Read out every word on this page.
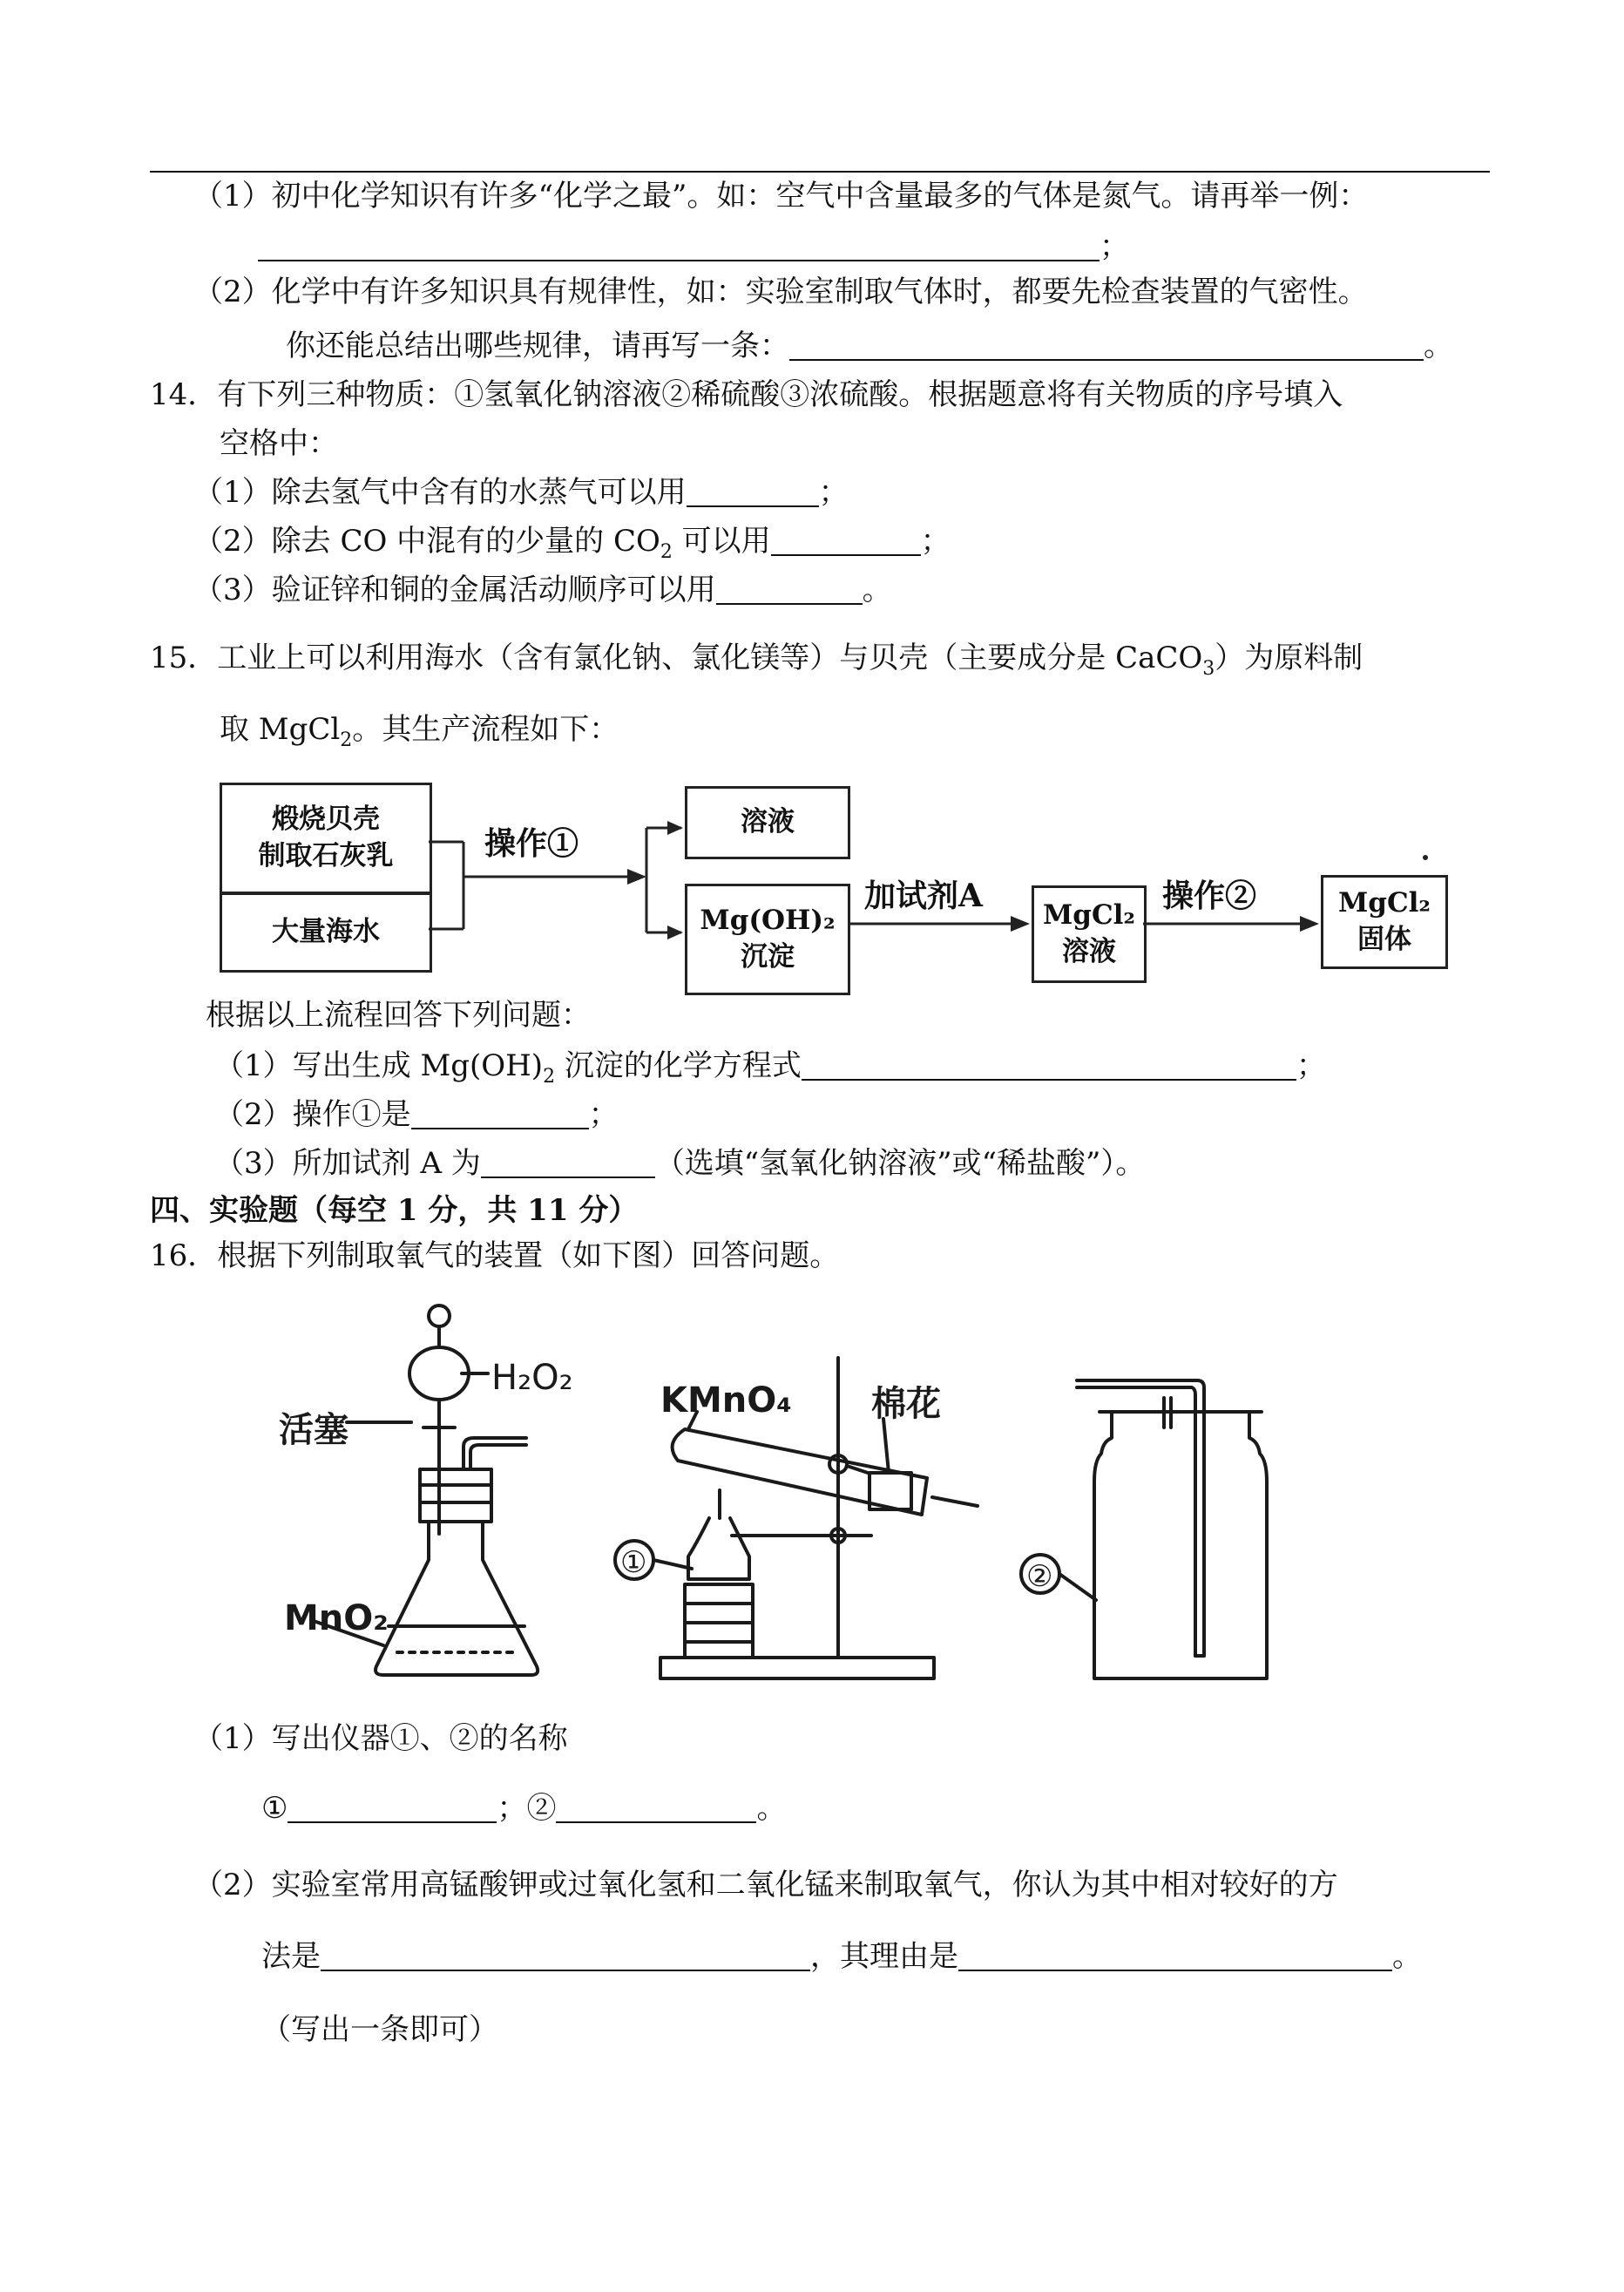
（1）初中化学知识有许多“化学之最”。如：空气中含量最多的气体是氮气。请再举一例：
；
（2）化学中有许多知识具有规律性，如：实验室制取气体时，都要先检查装置的气密性。
你还能总结出哪些规律，请再写一条：	。
14．有下列三种物质：①氢氧化钠溶液②稀硫酸③浓硫酸。根据题意将有关物质的序号填入
空格中：
（1）除去氢气中含有的水蒸气可以用	；
（2）除去 CO 中混有的少量的 $CO_2$ 可以用	；
（3）验证锌和铜的金属活动顺序可以用	。
15．工业上可以利用海水（含有氯化钠、氯化镁等）与贝壳（主要成分是 CaCO$_3$）为原料制
取 MgCl$_2$。其生产流程如下：
煅烧贝壳
制取石灰乳
大量海水
操作①
溶液
Mg(OH)₂
沉淀
加试剂A
MgCl₂
溶液
操作②	MgCl₂
固体
根据以上流程回答下列问题：
（1）写出生成 $Mg(OH)_2$ 沉淀的化学方程式	；
（2）操作①是	；
（3）所加试剂 A 为	（选填“氢氧化钠溶液”或“稀盐酸”）。
四、实验题（每空 1 分，共 11 分）
16．根据下列制取氧气的装置（如下图）回答问题。
活塞
H₂O₂
MnO₂
KMnO₄ 棉花
①	②
（1）写出仪器①、②的名称
①	；②	。
（2）实验室常用高锰酸钾或过氧化氢和二氧化锰来制取氧气，你认为其中相对较好的方
法是	，其理由是	。
（写出一条即可）
